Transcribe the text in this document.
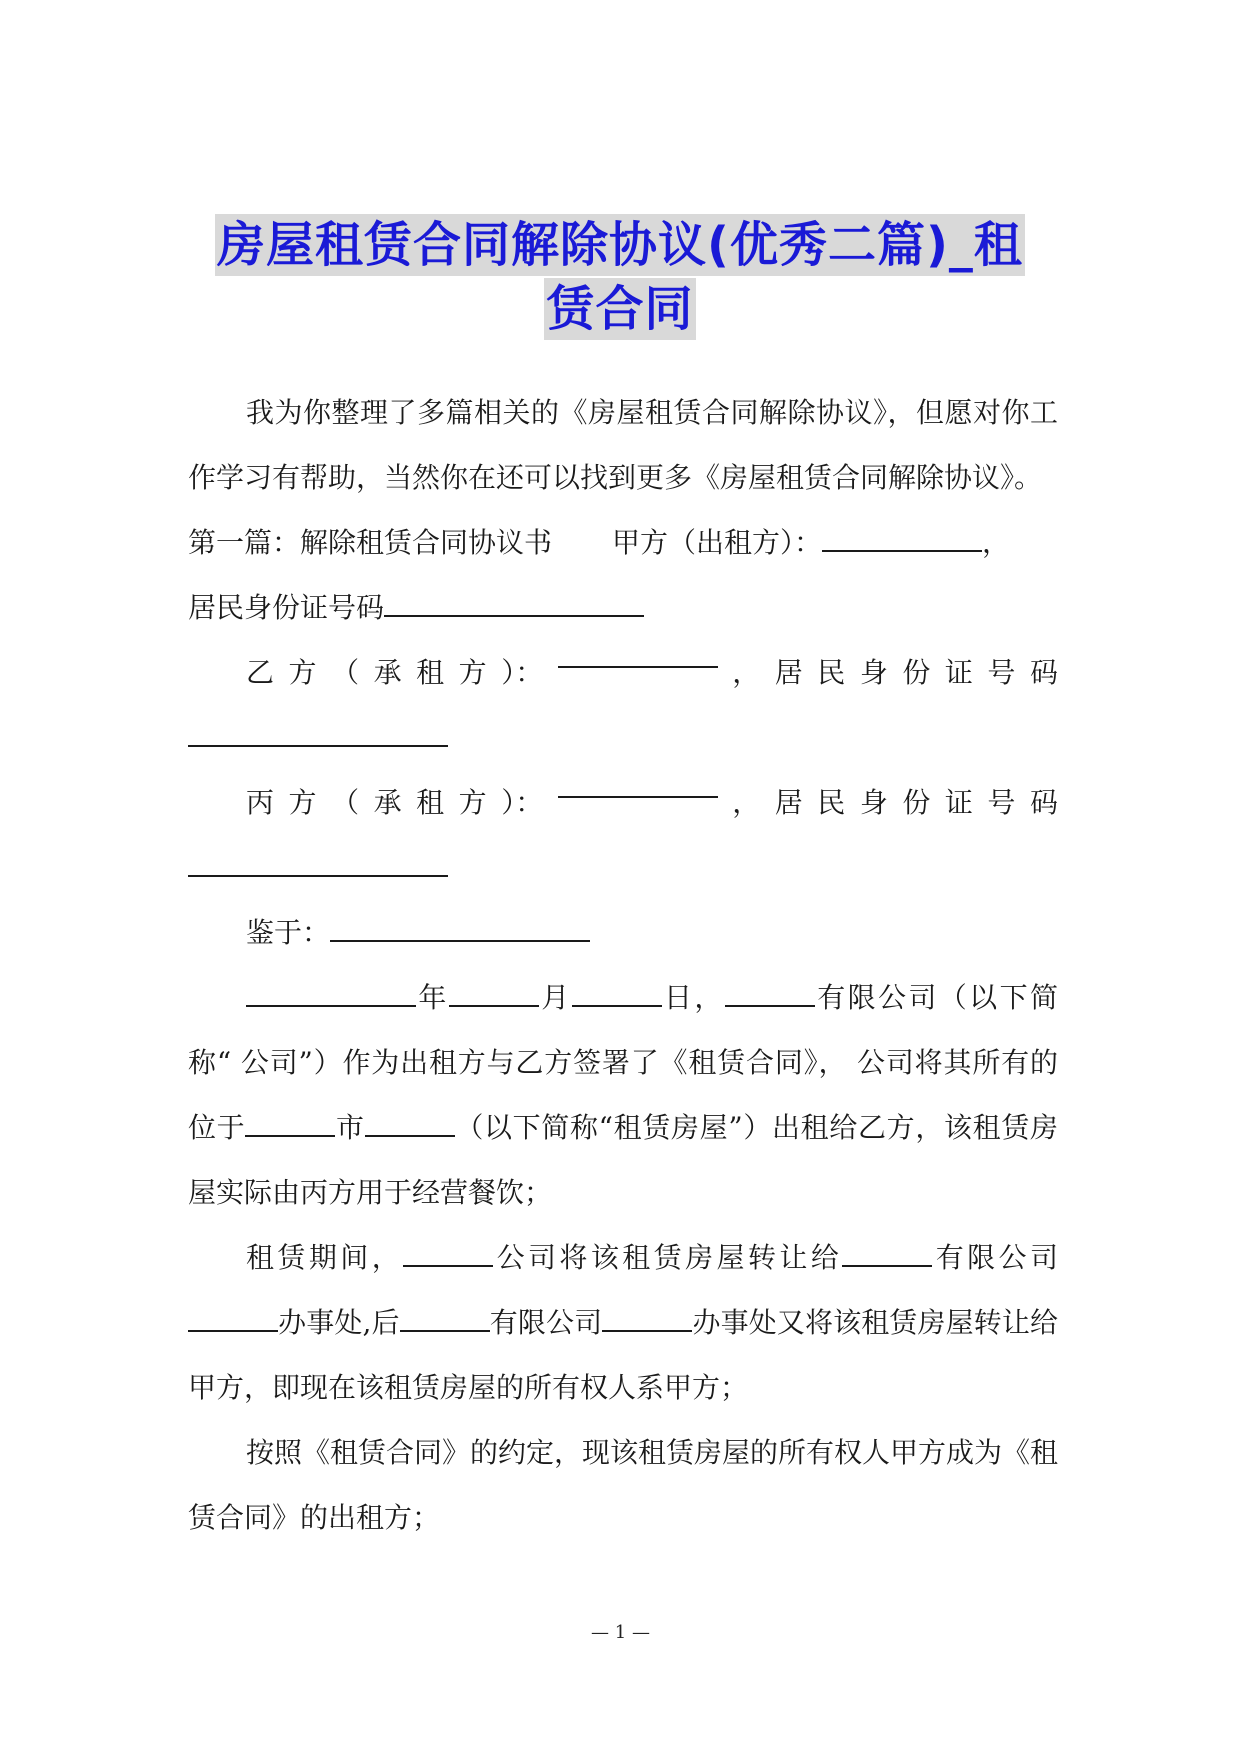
房屋租赁合同解除协议(优秀二篇)_租
赁合同

我为你整理了多篇相关的《房屋租赁合同解除协议》，但愿对你工作学习有帮助，当然你在还可以找到更多《房屋租赁合同解除协议》。

第一篇：解除租赁合同协议书 甲方（出租方）：	，
居民身份证号码

乙 方 （ 承 租 方 ）：	， 居 民 身 份 证 号 码
丙 方 （ 承 租 方 ）：	， 居 民 身 份 证 号 码

鉴于：

年	月	日，	有限公司（以下简称“ 公司”）作为出租方与乙方签署了《租赁合同》， 公司将其所有的位于	市	（以下简称“租赁房屋”）出租给乙方，该租赁房屋实际由丙方用于经营餐饮；

租赁期间，	公司将该租赁房屋转让给	有限公司办事处,后	有限公司	办事处又将该租赁房屋转让给甲方，即现在该租赁房屋的所有权人系甲方；

按照《租赁合同》的约定，现该租赁房屋的所有权人甲方成为《租赁合同》的出租方；

— 1 —
